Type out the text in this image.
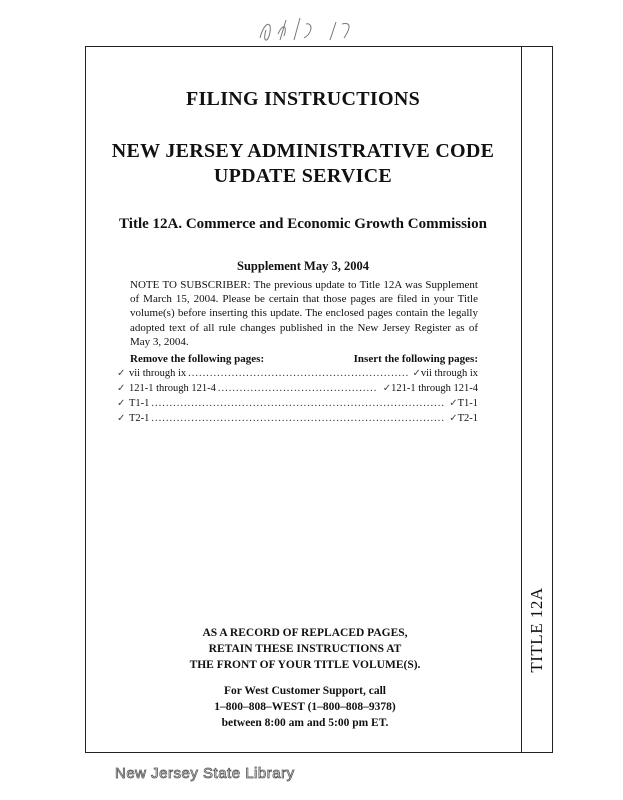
TITLE 12A
FILING INSTRUCTIONS
NEW JERSEY ADMINISTRATIVE CODE
UPDATE SERVICE
Title 12A. Commerce and Economic Growth Commission
Supplement May 3, 2004
NOTE TO SUBSCRIBER: The previous update to Title 12A was Supplement of March 15, 2004. Please be certain that those pages are filed in your Title volume(s) before inserting this update. The enclosed pages contain the legally adopted text of all rule changes published in the New Jersey Register as of May 3, 2004.
Remove the following pages:	Insert the following pages:
✓ vii through ix .....	✓ vii through ix
✓ 121-1 through 121-4 .....	✓ 121-1 through 121-4
✓ T1-1 .....	✓ T1-1
✓ T2-1 .....	✓ T2-1
AS A RECORD OF REPLACED PAGES,
RETAIN THESE INSTRUCTIONS AT
THE FRONT OF YOUR TITLE VOLUME(S).
For West Customer Support, call
1–800–808–WEST (1–800–808–9378)
between 8:00 am and 5:00 pm ET.
New Jersey State Library
